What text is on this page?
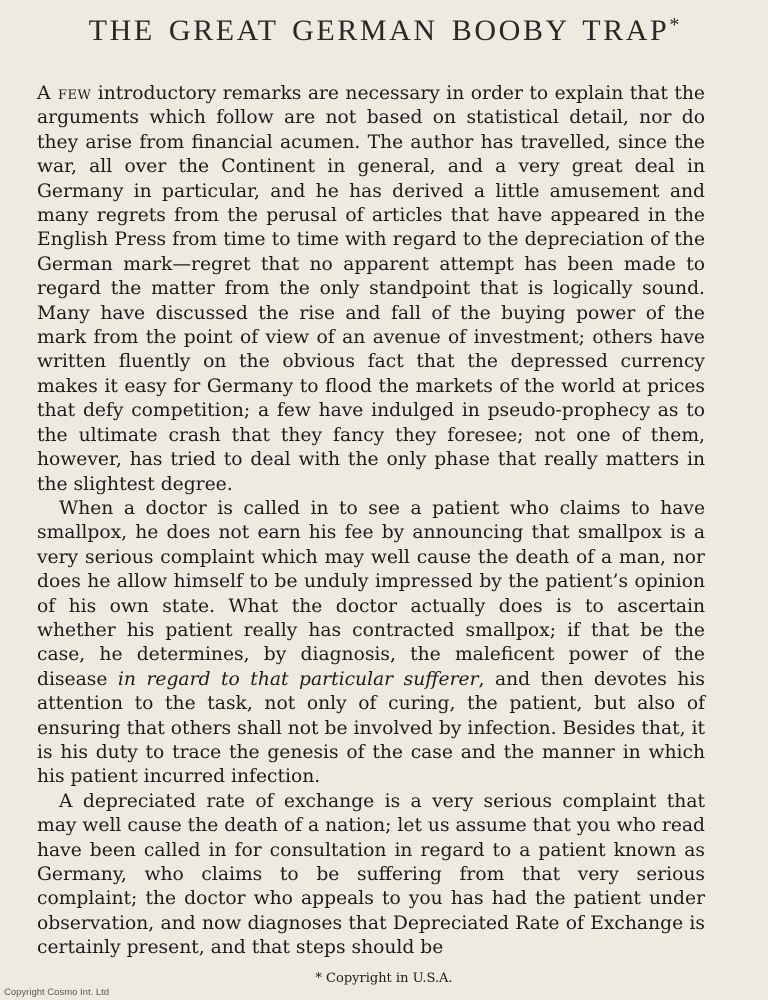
THE GREAT GERMAN BOOBY TRAP*

A few introductory remarks are necessary in order to explain that the arguments which follow are not based on statistical detail, nor do they arise from financial acumen. The author has travelled, since the war, all over the Continent in general, and a very great deal in Germany in particular, and he has derived a little amusement and many regrets from the perusal of articles that have appeared in the English Press from time to time with regard to the depreciation of the German mark—regret that no apparent attempt has been made to regard the matter from the only standpoint that is logically sound. Many have discussed the rise and fall of the buying power of the mark from the point of view of an avenue of investment; others have written fluently on the obvious fact that the depressed currency makes it easy for Germany to flood the markets of the world at prices that defy competition; a few have indulged in pseudo-prophecy as to the ultimate crash that they fancy they foresee; not one of them, however, has tried to deal with the only phase that really matters in the slightest degree.

When a doctor is called in to see a patient who claims to have smallpox, he does not earn his fee by announcing that smallpox is a very serious complaint which may well cause the death of a man, nor does he allow himself to be unduly impressed by the patient’s opinion of his own state. What the doctor actually does is to ascertain whether his patient really has contracted smallpox; if that be the case, he determines, by diagnosis, the maleficent power of the disease in regard to that particular sufferer, and then devotes his attention to the task, not only of curing, the patient, but also of ensuring that others shall not be involved by infection. Besides that, it is his duty to trace the genesis of the case and the manner in which his patient incurred infection.

A depreciated rate of exchange is a very serious complaint that may well cause the death of a nation; let us assume that you who read have been called in for consultation in regard to a patient known as Germany, who claims to be suffering from that very serious complaint; the doctor who appeals to you has had the patient under observation, and now diagnoses that Depreciated Rate of Exchange is certainly present, and that steps should be

* Copyright in U.S.A.
Copyright Cosmo Int. Ltd
